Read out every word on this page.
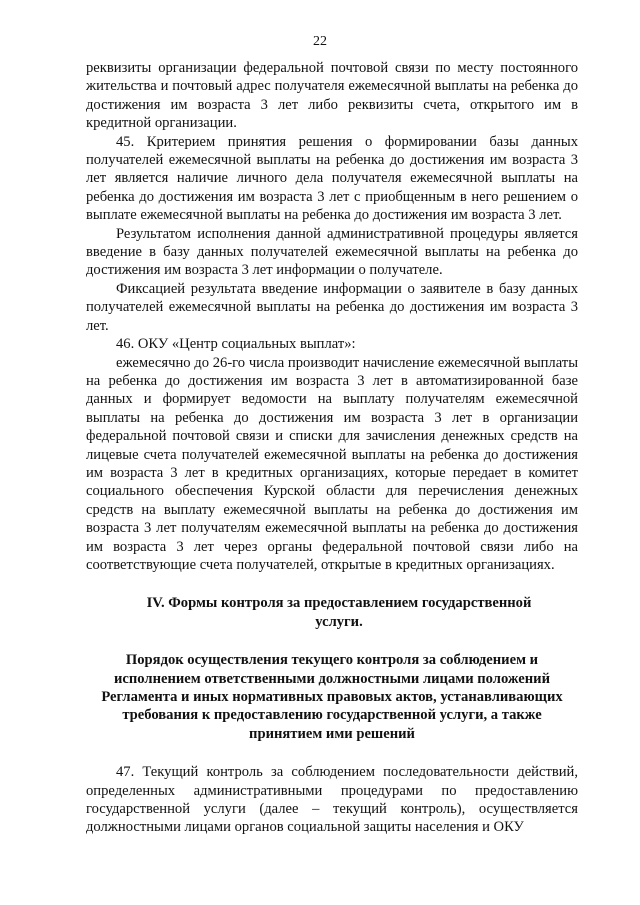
22

реквизиты организации федеральной почтовой связи по месту постоянного жительства и почтовый адрес получателя ежемесячной выплаты на ребенка до достижения им возраста 3 лет либо реквизиты счета, открытого им в кредитной организации.

45. Критерием принятия решения о формировании базы данных получателей ежемесячной выплаты на ребенка до достижения им возраста 3 лет является наличие личного дела получателя ежемесячной выплаты на ребенка до достижения им возраста 3 лет с приобщенным в него решением о выплате ежемесячной выплаты на ребенка до достижения им возраста 3 лет.

Результатом исполнения данной административной процедуры является введение в базу данных получателей ежемесячной выплаты на ребенка до достижения им возраста 3 лет информации о получателе.

Фиксацией результата введение информации о заявителе в базу данных получателей ежемесячной выплаты на ребенка до достижения им возраста 3 лет.

46. ОКУ «Центр социальных выплат»:

ежемесячно до 26-го числа производит начисление ежемесячной выплаты на ребенка до достижения им возраста 3 лет в автоматизированной базе данных и формирует ведомости на выплату получателям ежемесячной выплаты на ребенка до достижения им возраста 3 лет в организации федеральной почтовой связи и списки для зачисления денежных средств на лицевые счета получателей ежемесячной выплаты на ребенка до достижения им возраста 3 лет в кредитных организациях, которые передает в комитет социального обеспечения Курской области для перечисления денежных средств на выплату ежемесячной выплаты на ребенка до достижения им возраста 3 лет получателям ежемесячной выплаты на ребенка до достижения им возраста 3 лет через органы федеральной почтовой связи либо на соответствующие счета получателей, открытые в кредитных организациях.

IV. Формы контроля за предоставлением государственной услуги.

Порядок осуществления текущего контроля за соблюдением и исполнением ответственными должностными лицами положений Регламента и иных нормативных правовых актов, устанавливающих требования к предоставлению государственной услуги, а также принятием ими решений

47. Текущий контроль за соблюдением последовательности действий, определенных административными процедурами по предоставлению государственной услуги (далее – текущий контроль), осуществляется должностными лицами органов социальной защиты населения и ОКУ
